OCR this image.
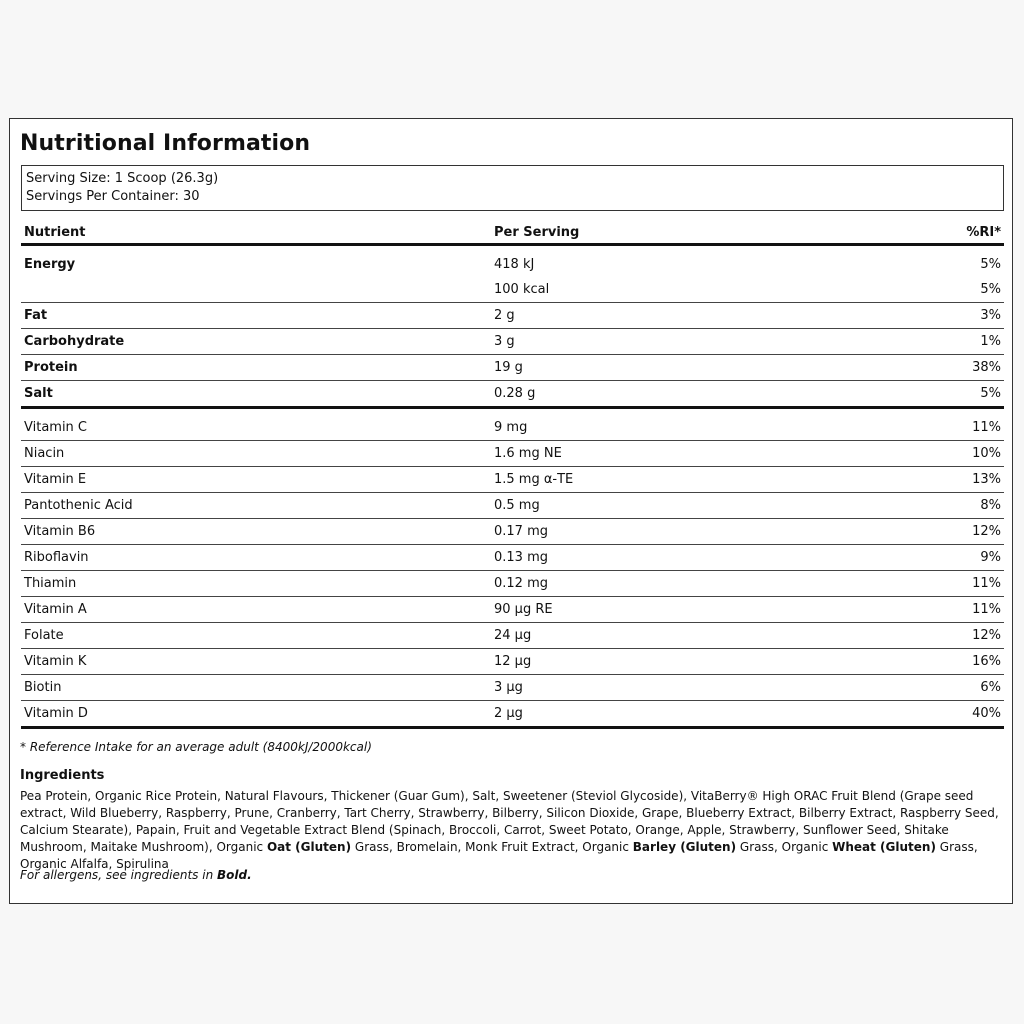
Nutritional Information
Serving Size: 1 Scoop (26.3g)
Servings Per Container: 30
Nutrient	Per Serving	%RI*

Energy	418 kJ	5%
	100 kcal	5%
Fat	2 g	3%
Carbohydrate	3 g	1%
Protein	19 g	38%
Salt	0.28 g	5%

Vitamin C	9 mg	11%
Niacin	1.6 mg NE	10%
Vitamin E	1.5 mg α-TE	13%
Pantothenic Acid	0.5 mg	8%
Vitamin B6	0.17 mg	12%
Riboflavin	0.13 mg	9%
Thiamin	0.12 mg	11%
Vitamin A	90 µg RE	11%
Folate	24 µg	12%
Vitamin K	12 µg	16%
Biotin	3 µg	6%
Vitamin D	2 µg	40%
* Reference Intake for an average adult (8400kJ/2000kcal)
Ingredients
Pea Protein, Organic Rice Protein, Natural Flavours, Thickener (Guar Gum), Salt, Sweetener (Steviol Glycoside), VitaBerry® High ORAC Fruit Blend (Grape seed extract, Wild Blueberry, Raspberry, Prune, Cranberry, Tart Cherry, Strawberry, Bilberry, Silicon Dioxide, Grape, Blueberry Extract, Bilberry Extract, Raspberry Seed, Calcium Stearate), Papain, Fruit and Vegetable Extract Blend (Spinach, Broccoli, Carrot, Sweet Potato, Orange, Apple, Strawberry, Sunflower Seed, Shitake Mushroom, Maitake Mushroom), Organic Oat (Gluten) Grass, Bromelain, Monk Fruit Extract, Organic Barley (Gluten) Grass, Organic Wheat (Gluten) Grass, Organic Alfalfa, Spirulina
For allergens, see ingredients in Bold.
